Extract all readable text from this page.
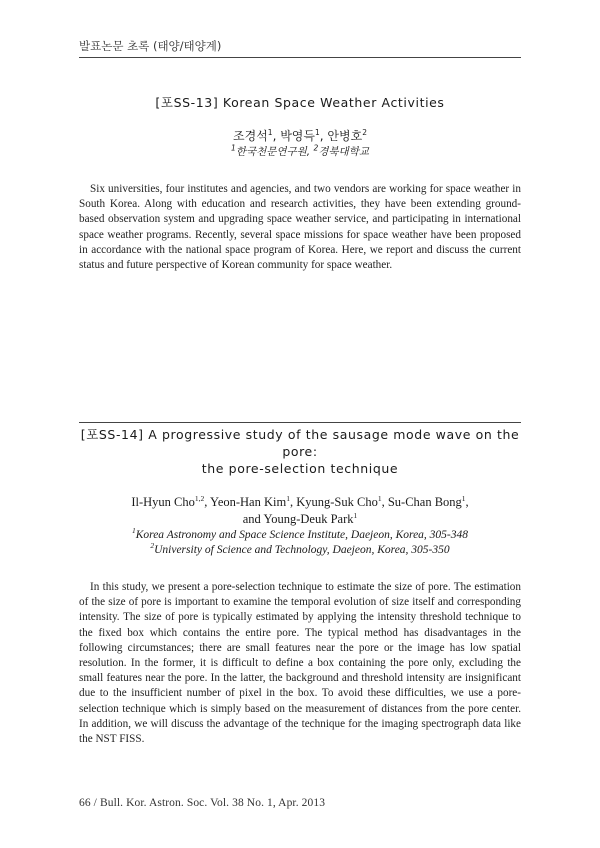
발표논문 초록 (태양/태양계)
[포SS-13] Korean Space Weather Activities
조경석$^1$, 박영득$^1$, 안병호$^2$
$^1$한국천문연구원, $^2$경북대학교

Six universities, four institutes and agencies, and two vendors are working for space weather in South Korea. Along with education and research activities, they have been extending ground-based observation system and upgrading space weather service, and participating in international space weather programs. Recently, several space missions for space weather have been proposed in accordance with the national space program of Korea. Here, we report and discuss the current status and future perspective of Korean community for space weather.

[포SS-14] A progressive study of the sausage mode wave on the pore:
the pore-selection technique
Il-Hyun Cho$^{1,2}$, Yeon-Han Kim$^1$, Kyung-Suk Cho$^1$, Su-Chan Bong$^1$,
and Young-Deuk Park$^1$
$^1$Korea Astronomy and Space Science Institute, Daejeon, Korea, 305-348
$^2$University of Science and Technology, Daejeon, Korea, 305-350

In this study, we present a pore-selection technique to estimate the size of pore. The estimation of the size of pore is important to examine the temporal evolution of size itself and corresponding intensity. The size of pore is typically estimated by applying the intensity threshold technique to the fixed box which contains the entire pore. The typical method has disadvantages in the following circumstances; there are small features near the pore or the image has low spatial resolution. In the former, it is difficult to define a box containing the pore only, excluding the small features near the pore. In the latter, the background and threshold intensity are insignificant due to the insufficient number of pixel in the box. To avoid these difficulties, we use a pore-selection technique which is simply based on the measurement of distances from the pore center. In addition, we will discuss the advantage of the technique for the imaging spectrograph data like the NST FISS.

66 / Bull. Kor. Astron. Soc. Vol. 38 No. 1, Apr. 2013
